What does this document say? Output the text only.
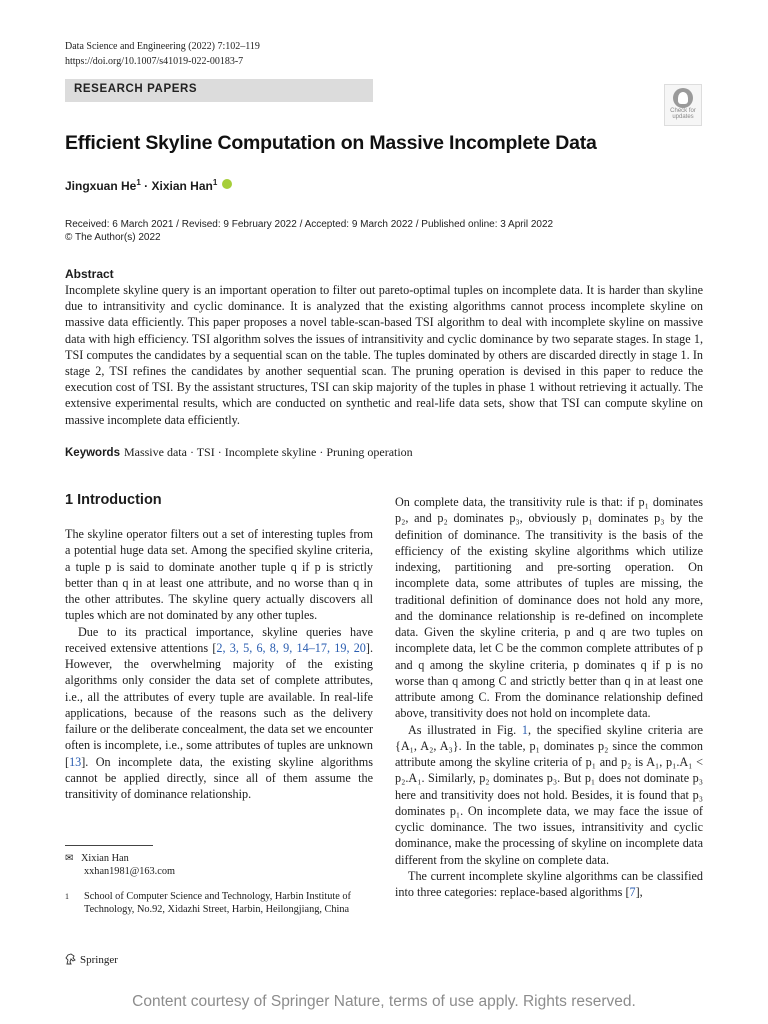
Data Science and Engineering (2022) 7:102–119
https://doi.org/10.1007/s41019-022-00183-7
RESEARCH PAPERS
Check for
updates
Efficient Skyline Computation on Massive Incomplete Data
Jingxuan $He^1$ · Xixian Han$^1$
Received: 6 March 2021 / Revised: 9 February 2022 / Accepted: 9 March 2022 / Published online: 3 April 2022
© The Author(s) 2022
Abstract
Incomplete skyline query is an important operation to filter out pareto-optimal tuples on incomplete data. It is harder than skyline due to intransitivity and cyclic dominance. It is analyzed that the existing algorithms cannot process incomplete skyline on massive data efficiently. This paper proposes a novel table-scan-based TSI algorithm to deal with incomplete skyline on massive data with high efficiency. TSI algorithm solves the issues of intransitivity and cyclic dominance by two separate stages. In stage 1, TSI computes the candidates by a sequential scan on the table. The tuples dominated by others are discarded directly in stage 1. In stage 2, TSI refines the candidates by another sequential scan. The pruning operation is devised in this paper to reduce the execution cost of TSI. By the assistant structures, TSI can skip majority of the tuples in phase 1 without retrieving it actually. The extensive experimental results, which are conducted on synthetic and real-life data sets, show that TSI can compute skyline on massive incomplete data efficiently.
Keywords Massive data · TSI · Incomplete skyline · Pruning operation
1 Introduction

The skyline operator filters out a set of interesting tuples from a potential huge data set. Among the specified skyline criteria, a tuple p is said to dominate another tuple q if p is strictly better than q in at least one attribute, and no worse than q in the other attributes. The skyline query actually discovers all tuples which are not dominated by any other tuples.

Due to its practical importance, skyline queries have received extensive attentions [2, 3, 5, 6, 8, 9, 14–17, 19, 20]. However, the overwhelming majority of the existing algorithms only consider the data set of complete attributes, i.e., all the attributes of every tuple are available. In real-life applications, because of the reasons such as the delivery failure or the deliberate concealment, the data set we encounter often is incomplete, i.e., some attributes of tuples are unknown [13]. On incomplete data, the existing skyline algorithms cannot be applied directly, since all of them assume the transitivity of dominance relationship.

On complete data, the transitivity rule is that: if p₁ dominates p₂, and p₂ dominates p₃, obviously p₁ dominates p₃ by the definition of dominance. The transitivity is the basis of the efficiency of the existing skyline algorithms which utilize indexing, partitioning and pre-sorting operation. On incomplete data, some attributes of tuples are missing, the traditional definition of dominance does not hold any more, and the dominance relationship is re-defined on incomplete data. Given the skyline criteria, p and q are two tuples on incomplete data, let C be the common complete attributes of p and q among the skyline criteria, p dominates q if p is no worse than q among C and strictly better than q in at least one attribute among C. From the dominance relationship defined above, transitivity does not hold on incomplete data.

As illustrated in Fig. 1, the specified skyline criteria are {A₁, A₂, A₃}. In the table, p₁ dominates p₂ since the common attribute among the skyline criteria of p₁ and p₂ is A₁, p₁.A₁ < p₂.A₁. Similarly, p₂ dominates p₃. But p₁ does not dominate p₃ here and transitivity does not hold. Besides, it is found that p₃ dominates p₁. On incomplete data, we may face the issue of cyclic dominance. The two issues, intransitivity and cyclic dominance, make the processing of skyline on incomplete data different from the skyline on complete data.

The current incomplete skyline algorithms can be classified into three categories: replace-based algorithms [7],

✉ Xixian Han
xxhan1981@163.com
1 School of Computer Science and Technology, Harbin Institute of Technology, No.92, Xidazhi Street, Harbin, Heilongjiang, China
Springer
Content courtesy of Springer Nature, terms of use apply. Rights reserved.
